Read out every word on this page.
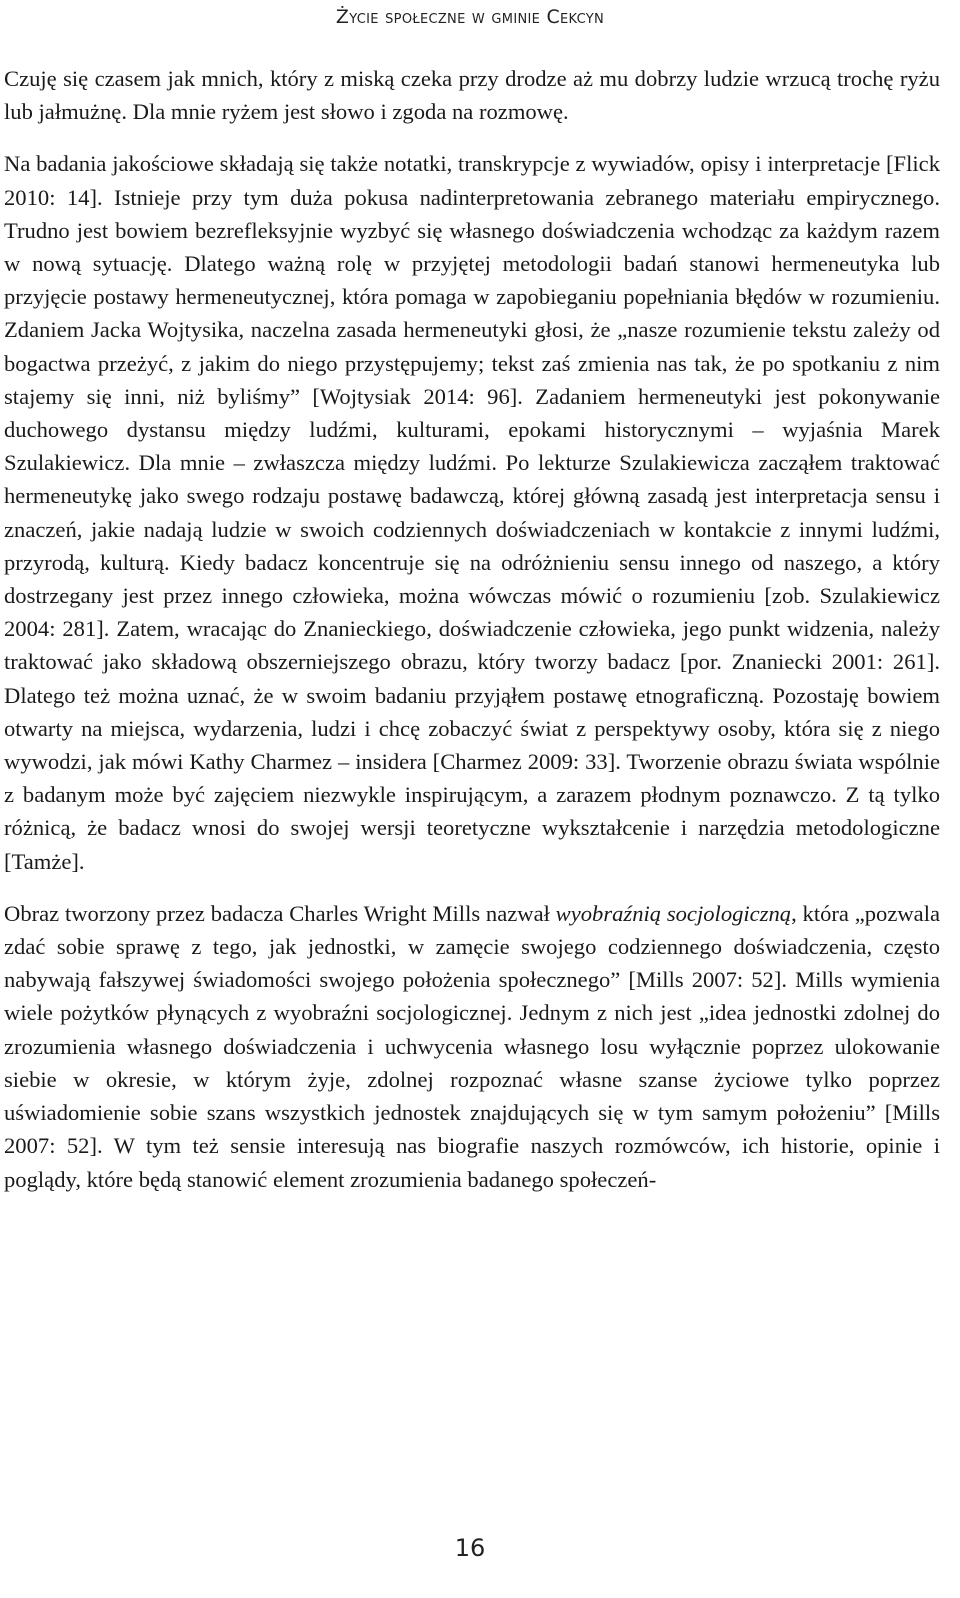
Życie społeczne w gminie Cekcyn

Czuję się czasem jak mnich, który z miską czeka przy drodze aż mu dobrzy ludzie wrzucą trochę ryżu lub jałmużnę. Dla mnie ryżem jest słowo i zgoda na rozmowę.

Na badania jakościowe składają się także notatki, transkrypcje z wywiadów, opisy i interpretacje [Flick 2010: 14]. Istnieje przy tym duża pokusa nadinterpretowania zebranego materiału empirycznego. Trudno jest bowiem bezrefleksyjnie wyzbyć się własnego doświadczenia wchodząc za każdym razem w nową sytuację. Dlatego ważną rolę w przyjętej metodologii badań stanowi hermeneutyka lub przyjęcie postawy hermeneutycznej, która pomaga w zapobieganiu popełniania błędów w rozumieniu. Zdaniem Jacka Wojtysika, naczelna zasada hermeneutyki głosi, że „nasze rozumienie tekstu zależy od bogactwa przeżyć, z jakim do niego przystępujemy; tekst zaś zmienia nas tak, że po spotkaniu z nim stajemy się inni, niż byliśmy” [Wojtysiak 2014: 96]. Zadaniem hermeneutyki jest pokonywanie duchowego dystansu między ludźmi, kulturami, epokami historycznymi – wyjaśnia Marek Szulakiewicz. Dla mnie – zwłaszcza między ludźmi. Po lekturze Szulakiewicza zacząłem traktować hermeneutykę jako swego rodzaju postawę badawczą, której główną zasadą jest interpretacja sensu i znaczeń, jakie nadają ludzie w swoich codziennych doświadczeniach w kontakcie z innymi ludźmi, przyrodą, kulturą. Kiedy badacz koncentruje się na odróżnieniu sensu innego od naszego, a który dostrzegany jest przez innego człowieka, można wówczas mówić o rozumieniu [zob. Szulakiewicz 2004: 281]. Zatem, wracając do Znanieckiego, doświadczenie człowieka, jego punkt widzenia, należy traktować jako składową obszerniejszego obrazu, który tworzy badacz [por. Znaniecki 2001: 261]. Dlatego też można uznać, że w swoim badaniu przyjąłem postawę etnograficzną. Pozostaję bowiem otwarty na miejsca, wydarzenia, ludzi i chcę zobaczyć świat z perspektywy osoby, która się z niego wywodzi, jak mówi Kathy Charmez – insidera [Charmez 2009: 33]. Tworzenie obrazu świata wspólnie z badanym może być zajęciem niezwykle inspirującym, a zarazem płodnym poznawczo. Z tą tylko różnicą, że badacz wnosi do swojej wersji teoretyczne wykształcenie i narzędzia metodologiczne [Tamże].

Obraz tworzony przez badacza Charles Wright Mills nazwał wyobraźnią socjologiczną, która „pozwala zdać sobie sprawę z tego, jak jednostki, w zamęcie swojego codziennego doświadczenia, często nabywają fałszywej świadomości swojego położenia społecznego” [Mills 2007: 52]. Mills wymienia wiele pożytków płynących z wyobraźni socjologicznej. Jednym z nich jest „idea jednostki zdolnej do zrozumienia własnego doświadczenia i uchwycenia własnego losu wyłącznie poprzez ulokowanie siebie w okresie, w którym żyje, zdolnej rozpoznać własne szanse życiowe tylko poprzez uświadomienie sobie szans wszystkich jednostek znajdujących się w tym samym położeniu” [Mills 2007: 52]. W tym też sensie interesują nas biografie naszych rozmówców, ich historie, opinie i poglądy, które będą stanowić element zrozumienia badanego społeczeń-

16
